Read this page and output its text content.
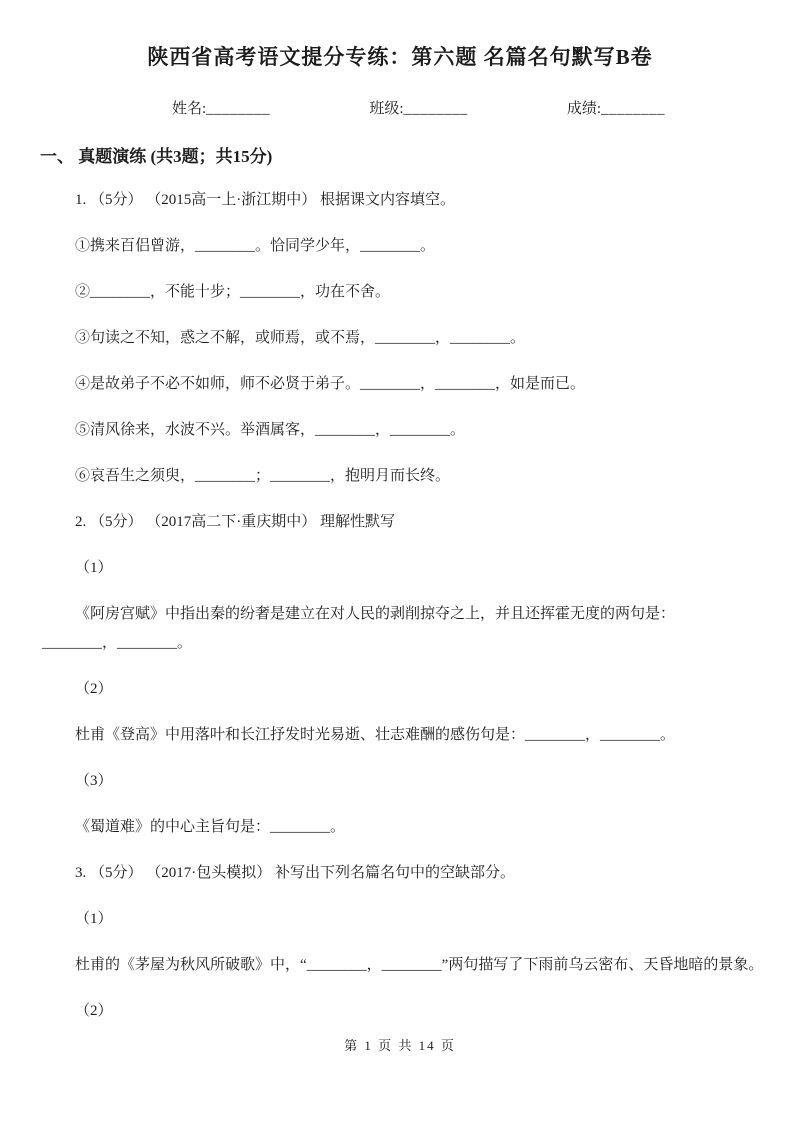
陕西省高考语文提分专练：第六题 名篇名句默写B卷
姓名:________	班级:________	成绩:________
一、 真题演练 (共3题；共15分)
1. （5分） （2015高一上·浙江期中） 根据课文内容填空。
①携来百侣曾游，________。恰同学少年，________。
②________，不能十步；________，功在不舍。
③句读之不知，惑之不解，或师焉，或不焉，________，________。
④是故弟子不必不如师，师不必贤于弟子。________，________，如是而已。
⑤清风徐来，水波不兴。举酒属客，________，________。
⑥哀吾生之须臾，________；________，抱明月而长终。
2. （5分） （2017高二下·重庆期中） 理解性默写
（1）
《阿房宫赋》中指出秦的纷奢是建立在对人民的剥削掠夺之上，并且还挥霍无度的两句是：
________，________。
（2）
杜甫《登高》中用落叶和长江抒发时光易逝、壮志难酬的感伤句是：________，________。
（3）
《蜀道难》的中心主旨句是：________。
3. （5分） （2017·包头模拟） 补写出下列名篇名句中的空缺部分。
（1）
杜甫的《茅屋为秋风所破歌》中，“________，________”两句描写了下雨前乌云密布、天昏地暗的景象。
（2）
第 1 页 共 14 页
